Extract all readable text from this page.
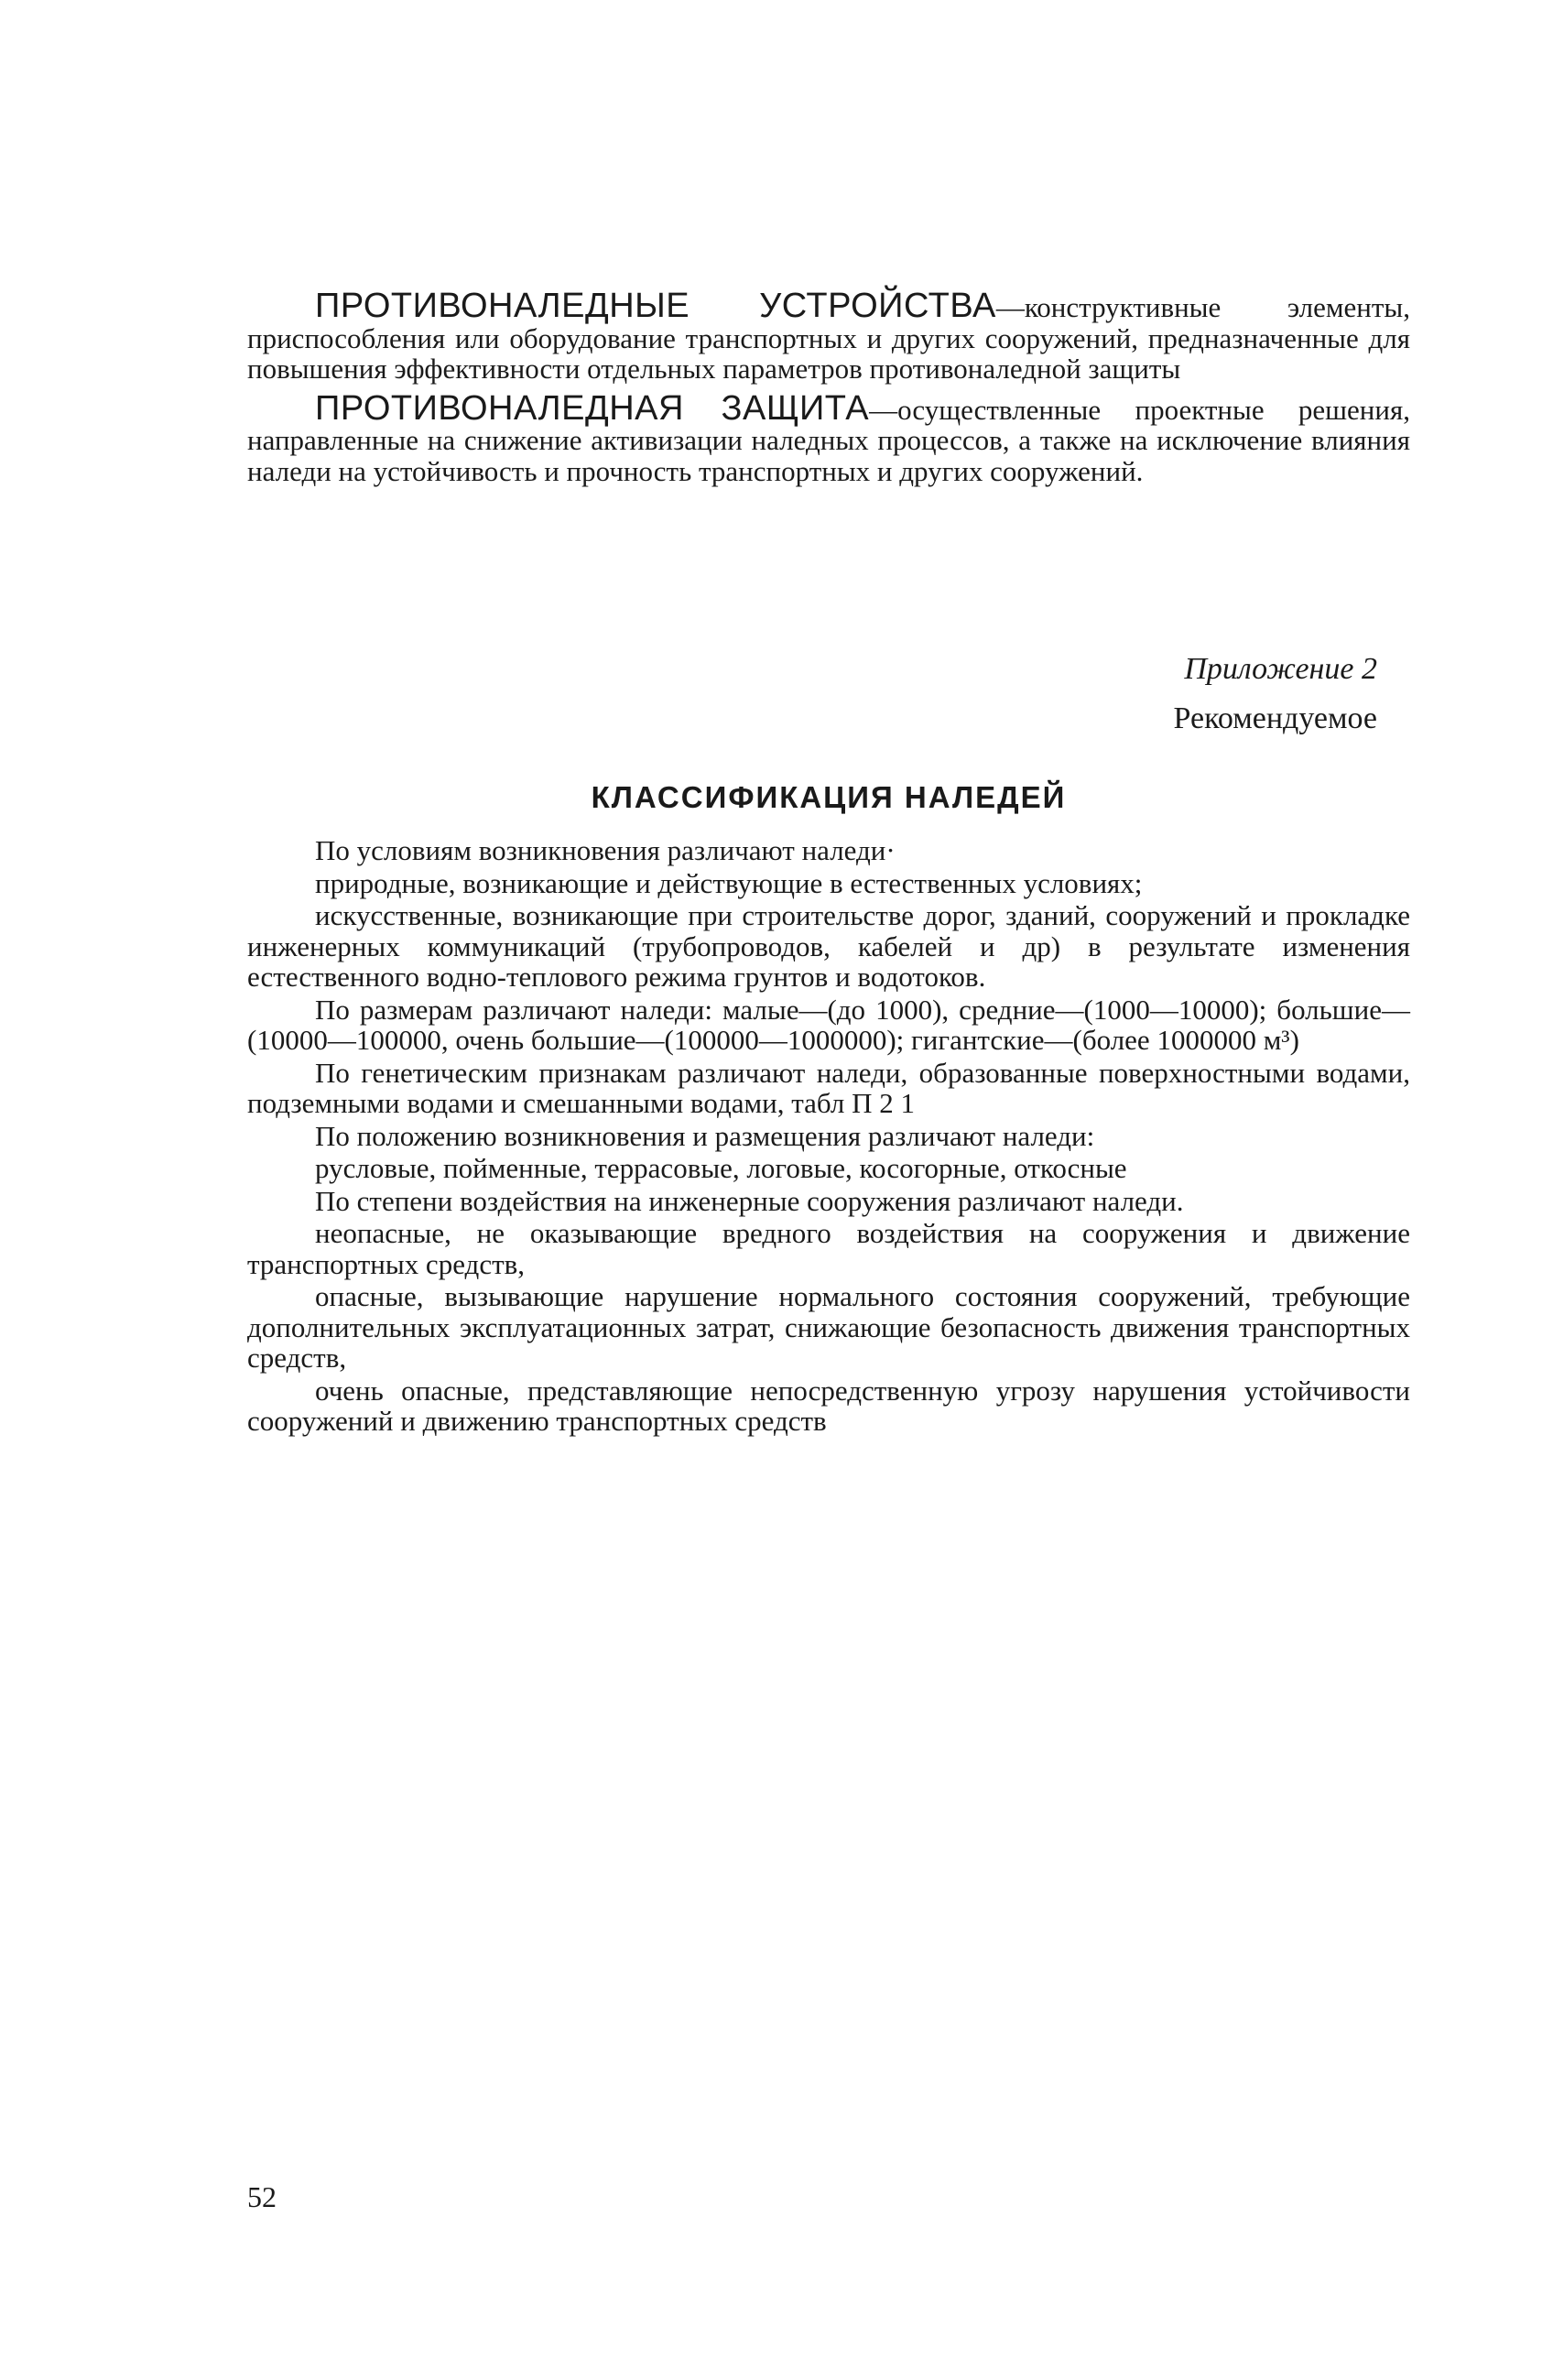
ПРОТИВОНАЛЕДНЫЕ УСТРОЙСТВА—конструктивные элементы, приспособления или оборудование транспортных и других сооружений, предназначенные для повышения эффективности отдельных параметров противоналедной защиты

ПРОТИВОНАЛЕДНАЯ ЗАЩИТА—осуществленные проектные решения, направленные на снижение активизации наледных процессов, а также на исключение влияния наледи на устойчивость и прочность транспортных и других сооружений.

Приложение 2
Рекомендуемое
КЛАССИФИКАЦИЯ НАЛЕДЕЙ

По условиям возникновения различают наледи·

природные, возникающие и действующие в естественных условиях;

искусственные, возникающие при строительстве дорог, зданий, сооружений и прокладке инженерных коммуникаций (трубопроводов, кабелей и др) в результате изменения естественного водно-теплового режима грунтов и водотоков.

По размерам различают наледи: малые—(до 1000), средние—(1000—10000); большие—(10000—100000, очень большие—(100000—1000000); гигантские—(более 1000000 м³)

По генетическим признакам различают наледи, образованные поверхностными водами, подземными водами и смешанными водами, табл П 2 1

По положению возникновения и размещения различают наледи:

русловые, пойменные, террасовые, логовые, косогорные, откосные

По степени воздействия на инженерные сооружения различают наледи.

неопасные, не оказывающие вредного воздействия на сооружения и движение транспортных средств,

опасные, вызывающие нарушение нормального состояния сооружений, требующие дополнительных эксплуатационных затрат, снижающие безопасность движения транспортных средств,

очень опасные, представляющие непосредственную угрозу нарушения устойчивости сооружений и движению транспортных средств

52
